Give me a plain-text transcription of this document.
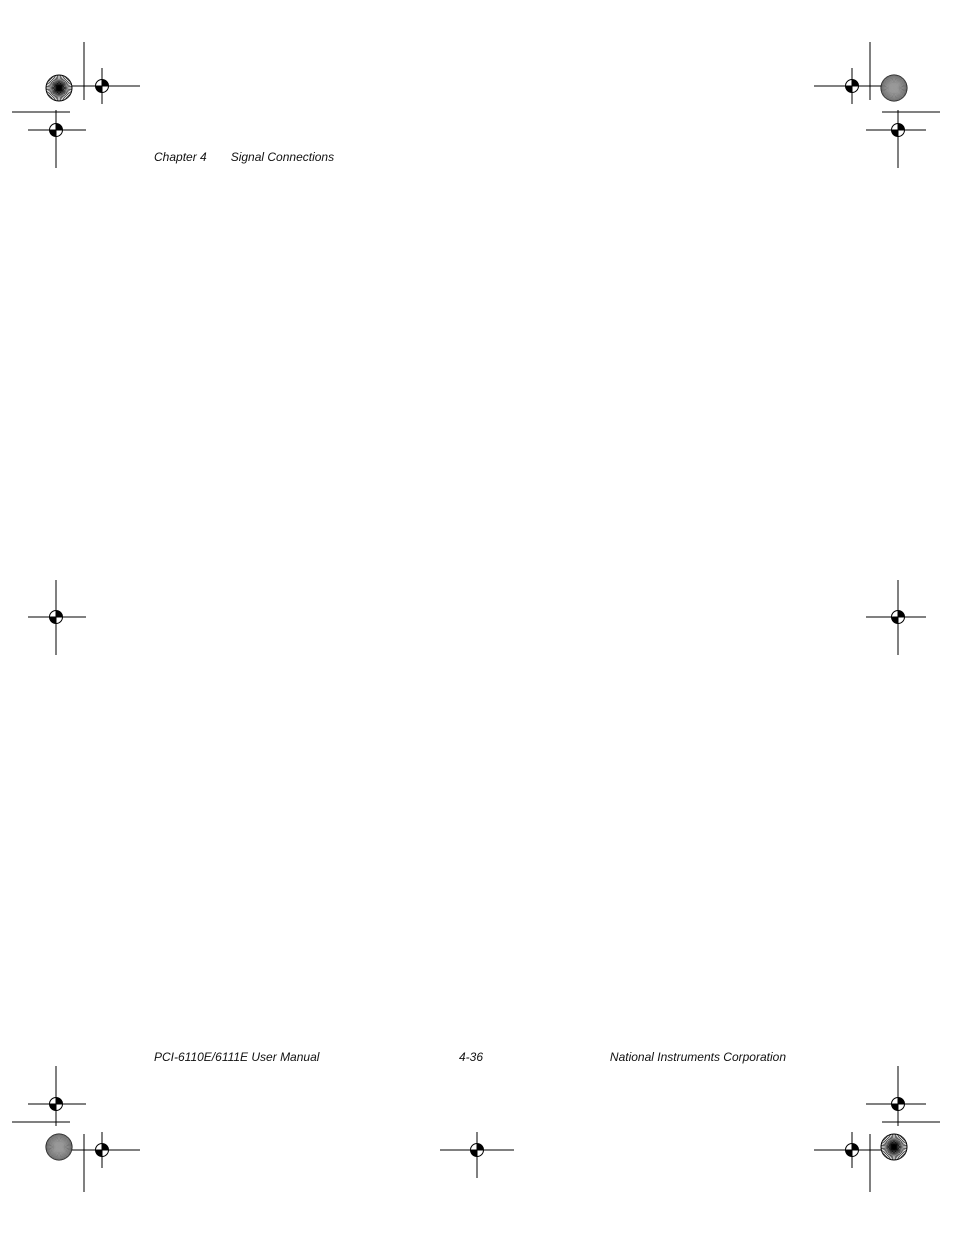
Chapter 4 Signal Connections
PCI-6110E/6111E User Manual	4-36	National Instruments Corporation
